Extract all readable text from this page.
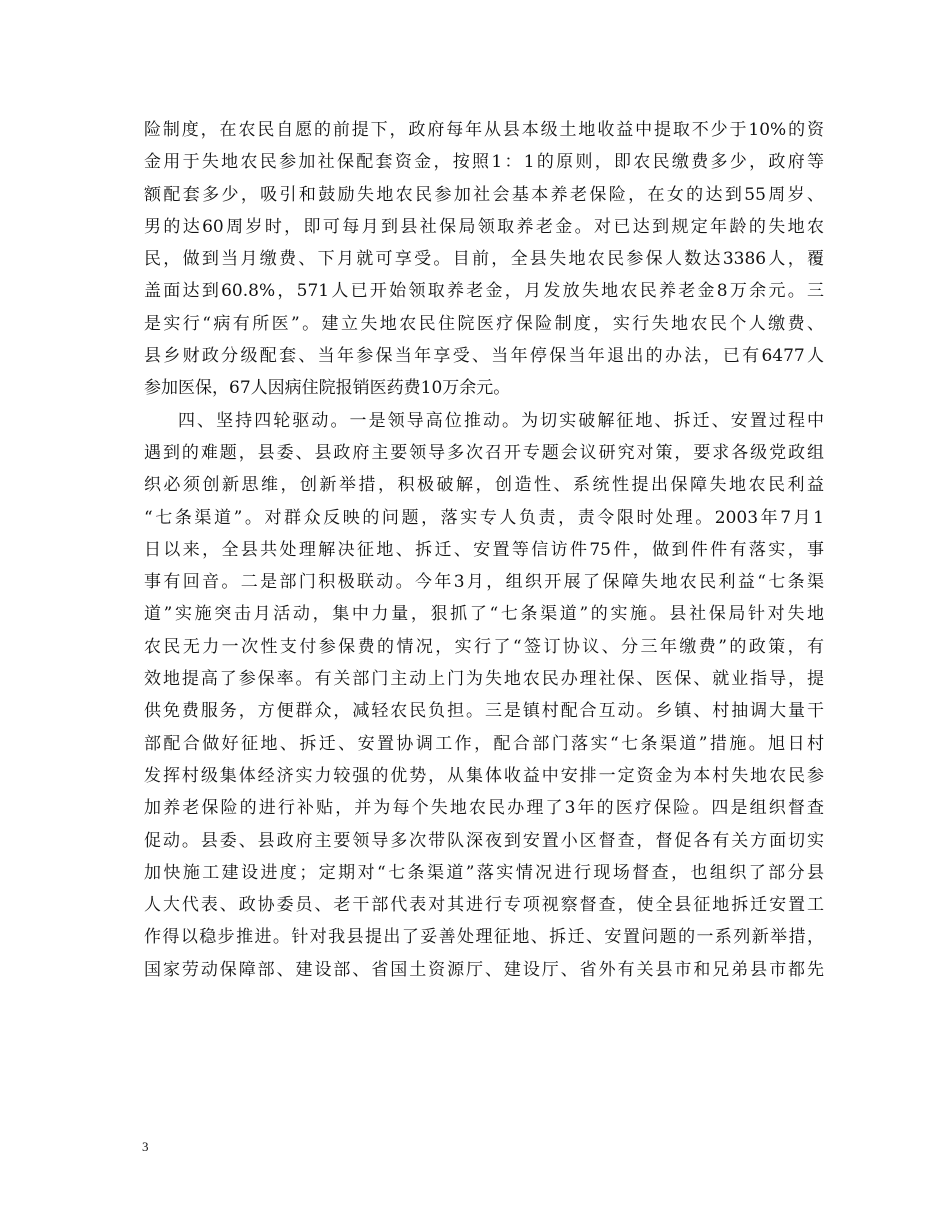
险制度，在农民自愿的前提下，政府每年从县本级土地收益中提取不少于10%的资
金用于失地农民参加社保配套资金，按照1：1的原则，即农民缴费多少，政府等
额配套多少，吸引和鼓励失地农民参加社会基本养老保险，在女的达到55周岁、
男的达60周岁时，即可每月到县社保局领取养老金。对已达到规定年龄的失地农
民，做到当月缴费、下月就可享受。目前，全县失地农民参保人数达3386人，覆
盖面达到60.8%，571人已开始领取养老金，月发放失地农民养老金8万余元。三
是实行“病有所医”。建立失地农民住院医疗保险制度，实行失地农民个人缴费、
县乡财政分级配套、当年参保当年享受、当年停保当年退出的办法，已有6477人
参加医保，67人因病住院报销医药费10万余元。
四、坚持四轮驱动。一是领导高位推动。为切实破解征地、拆迁、安置过程中
遇到的难题，县委、县政府主要领导多次召开专题会议研究对策，要求各级党政组
织必须创新思维，创新举措，积极破解，创造性、系统性提出保障失地农民利益
“七条渠道”。对群众反映的问题，落实专人负责，责令限时处理。2003年7月1
日以来，全县共处理解决征地、拆迁、安置等信访件75件，做到件件有落实，事
事有回音。二是部门积极联动。今年3月，组织开展了保障失地农民利益“七条渠
道”实施突击月活动，集中力量，狠抓了“七条渠道”的实施。县社保局针对失地
农民无力一次性支付参保费的情况，实行了“签订协议、分三年缴费”的政策，有
效地提高了参保率。有关部门主动上门为失地农民办理社保、医保、就业指导，提
供免费服务，方便群众，减轻农民负担。三是镇村配合互动。乡镇、村抽调大量干
部配合做好征地、拆迁、安置协调工作，配合部门落实“七条渠道”措施。旭日村
发挥村级集体经济实力较强的优势，从集体收益中安排一定资金为本村失地农民参
加养老保险的进行补贴，并为每个失地农民办理了3年的医疗保险。四是组织督查
促动。县委、县政府主要领导多次带队深夜到安置小区督查，督促各有关方面切实
加快施工建设进度；定期对“七条渠道”落实情况进行现场督查，也组织了部分县
人大代表、政协委员、老干部代表对其进行专项视察督查，使全县征地拆迁安置工
作得以稳步推进。针对我县提出了妥善处理征地、拆迁、安置问题的一系列新举措，
国家劳动保障部、建设部、省国土资源厅、建设厅、省外有关县市和兄弟县市都先
3
